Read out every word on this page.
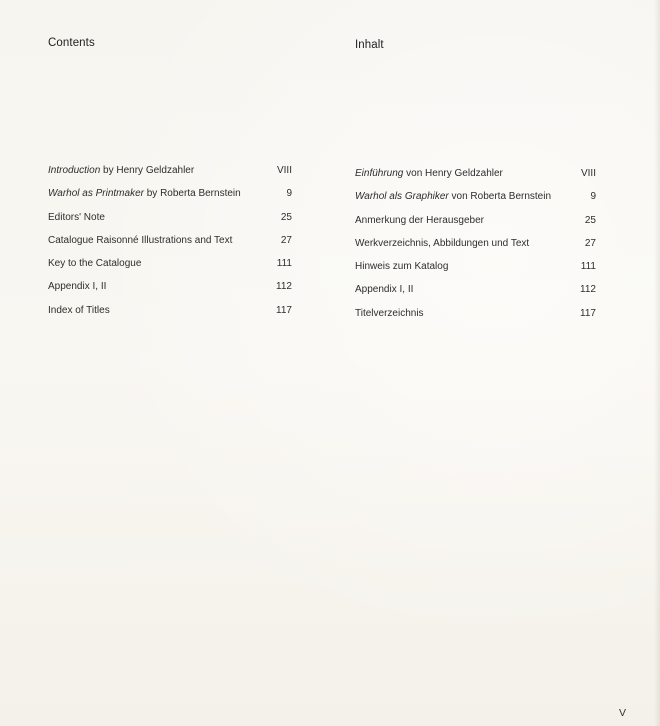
Contents	Inhalt
Introduction by Henry Geldzahler	VIII
Warhol as Printmaker by Roberta Bernstein	9
Editors' Note	25
Catalogue Raisonné Illustrations and Text	27
Key to the Catalogue	111
Appendix I, II	112
Index of Titles	117
Einführung von Henry Geldzahler	VIII
Warhol als Graphiker von Roberta Bernstein	9
Anmerkung der Herausgeber	25
Werkverzeichnis, Abbildungen und Text	27
Hinweis zum Katalog	111
Appendix I, II	112
Titelverzeichnis	117
V
